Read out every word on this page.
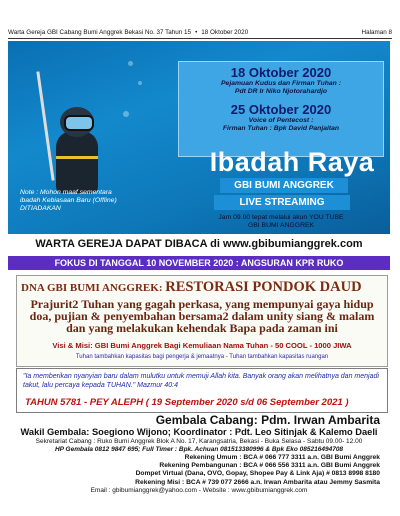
Warta Gereja GBI Cabang Bumi Anggrek Bekasi No. 37 Tahun 15 • 18 Oktober 2020	Halaman 8
18 Oktober 2020
Pejamuan Kudus dan Firman Tuhan :
Pdt DR Ir Niko Njotorahardjo
25 Oktober 2020
Voice of Pentecost :
Firman Tuhan : Bpk David Panjaitan
Ibadah Raya
GBI BUMI ANGGREK
LIVE STREAMING
Jam 09.00 tepat melalui akun YOU TUBE GBI BUMI ANGGREK
Note : Mohon maaf sementara ibadah Kebiasaan Baru (Offline) DITIADAKAN
WARTA GEREJA DAPAT DIBACA di www.gbibumianggrek.com
FOKUS DI TANGGAL 10 NOVEMBER 2020 : ANGSURAN KPR RUKO
DNA GBI BUMI ANGGREK: RESTORASI PONDOK DAUD
Prajurit2 Tuhan yang gagah perkasa, yang mempunyai gaya hidup
doa, pujian & penyembahan bersama2 dalam unity siang & malam
dan yang melakukan kehendak Bapa pada zaman ini
Visi & Misi: GBI Bumi Anggrek Bagi Kemuliaan Nama Tuhan - 50 COOL - 1000 JIWA
Tuhan tambahkan kapasitas bagi pengerja & jemaatnya - Tuhan tambahkan kapasitas ruangan
"Ia memberikan nyanyian baru dalam mulutku untuk memuji Allah kita. Banyak orang akan melihatnya dan menjadi takut, lalu percaya kepada TUHAN." Mazmur 40:4
TAHUN 5781 - PEY ALEPH ( 19 September 2020 s/d 06 September 2021 )
Gembala Cabang: Pdm. Irwan Ambarita
Wakil Gembala: Soegiono Wijono; Koordinator : Pdt. Leo Sitinjak & Kalemo Daeli
Sekretariat Cabang : Ruko Bumi Anggrek Blok A No. 17, Karangsatria, Bekasi - Buka Selasa - Sabtu 09.00- 12.00
HP Gembala 0812 9847 695; Full Timer : Bpk. Achuan 081513380996 & Bpk Eko 085216494708
Rekening Umum : BCA # 066 777 3311 a.n. GBI Bumi Anggrek
Rekening Pembangunan : BCA # 066 556 3311 a.n. GBI Bumi Anggrek
Dompet Virtual (Dana, OVO, Gopay, Shopee Pay & Link Aja) # 0813 8998 8180
Rekening Misi : BCA # 739 077 2666 a.n. Irwan Ambarita atau Jemmy Sasmita
Email : gbibumianggrek@yahoo.com - Website : www.gbibumianggrek.com
